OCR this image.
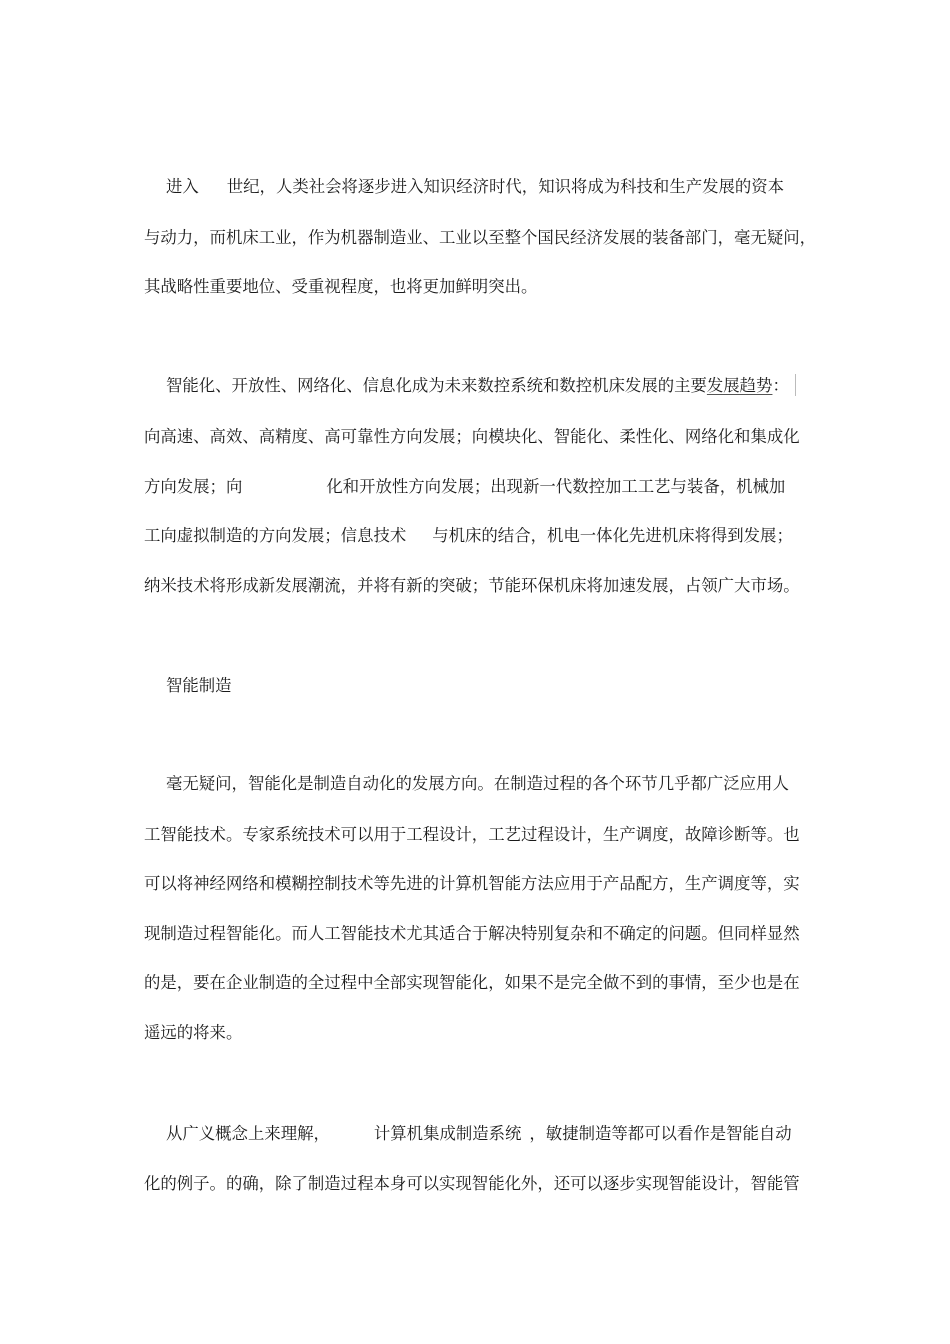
进入 世纪，人类社会将逐步进入知识经济时代，知识将成为科技和生产发展的资本
与动力，而机床工业，作为机器制造业、工业以至整个国民经济发展的装备部门，毫无疑问，
其战略性重要地位、受重视程度，也将更加鲜明突出。
智能化、开放性、网络化、信息化成为未来数控系统和数控机床发展的主要发展趋势：
向高速、高效、高精度、高可靠性方向发展；向模块化、智能化、柔性化、网络化和集成化
方向发展；向	化和开放性方向发展；出现新一代数控加工工艺与装备，机械加
工向虚拟制造的方向发展；信息技术 与机床的结合，机电一体化先进机床将得到发展；
纳米技术将形成新发展潮流，并将有新的突破；节能环保机床将加速发展，占领广大市场。
智能制造
毫无疑问，智能化是制造自动化的发展方向。在制造过程的各个环节几乎都广泛应用人
工智能技术。专家系统技术可以用于工程设计，工艺过程设计，生产调度，故障诊断等。也
可以将神经网络和模糊控制技术等先进的计算机智能方法应用于产品配方，生产调度等，实
现制造过程智能化。而人工智能技术尤其适合于解决特别复杂和不确定的问题。但同样显然
的是，要在企业制造的全过程中全部实现智能化，如果不是完全做不到的事情，至少也是在
遥远的将来。
从广义概念上来理解，	计算机集成制造系统 ，敏捷制造等都可以看作是智能自动
化的例子。的确，除了制造过程本身可以实现智能化外，还可以逐步实现智能设计，智能管
